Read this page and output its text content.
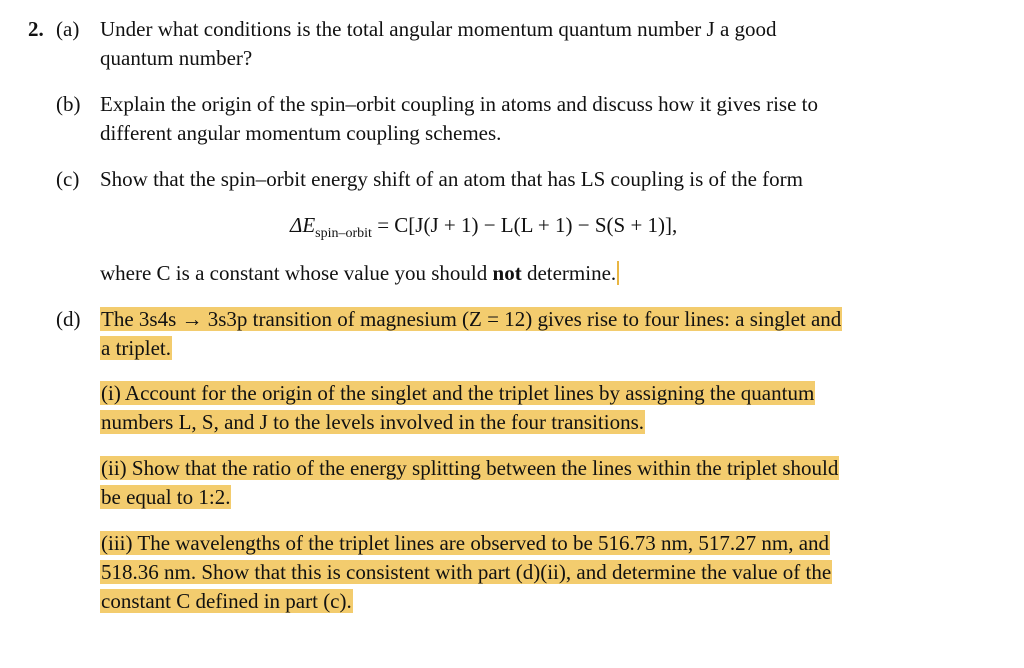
2. (a) Under what conditions is the total angular momentum quantum number J a good
quantum number?
(b) Explain the origin of the spin–orbit coupling in atoms and discuss how it gives rise to
different angular momentum coupling schemes.
(c) Show that the spin–orbit energy shift of an atom that has LS coupling is of the form
$\Delta E_{spin-orbit} = C[J(J + 1) - L(L + 1) - S(S + 1)]$,
where C is a constant whose value you should not determine.
(d) The 3s4s → 3s3p transition of magnesium (Z = 12) gives rise to four lines: a singlet and
a triplet.
(i) Account for the origin of the singlet and the triplet lines by assigning the quantum
numbers L, S, and J to the levels involved in the four transitions.
(ii) Show that the ratio of the energy splitting between the lines within the triplet should
be equal to 1:2.
(iii) The wavelengths of the triplet lines are observed to be 516.73 nm, 517.27 nm, and
518.36 nm. Show that this is consistent with part (d)(ii), and determine the value of the
constant C defined in part (c).
